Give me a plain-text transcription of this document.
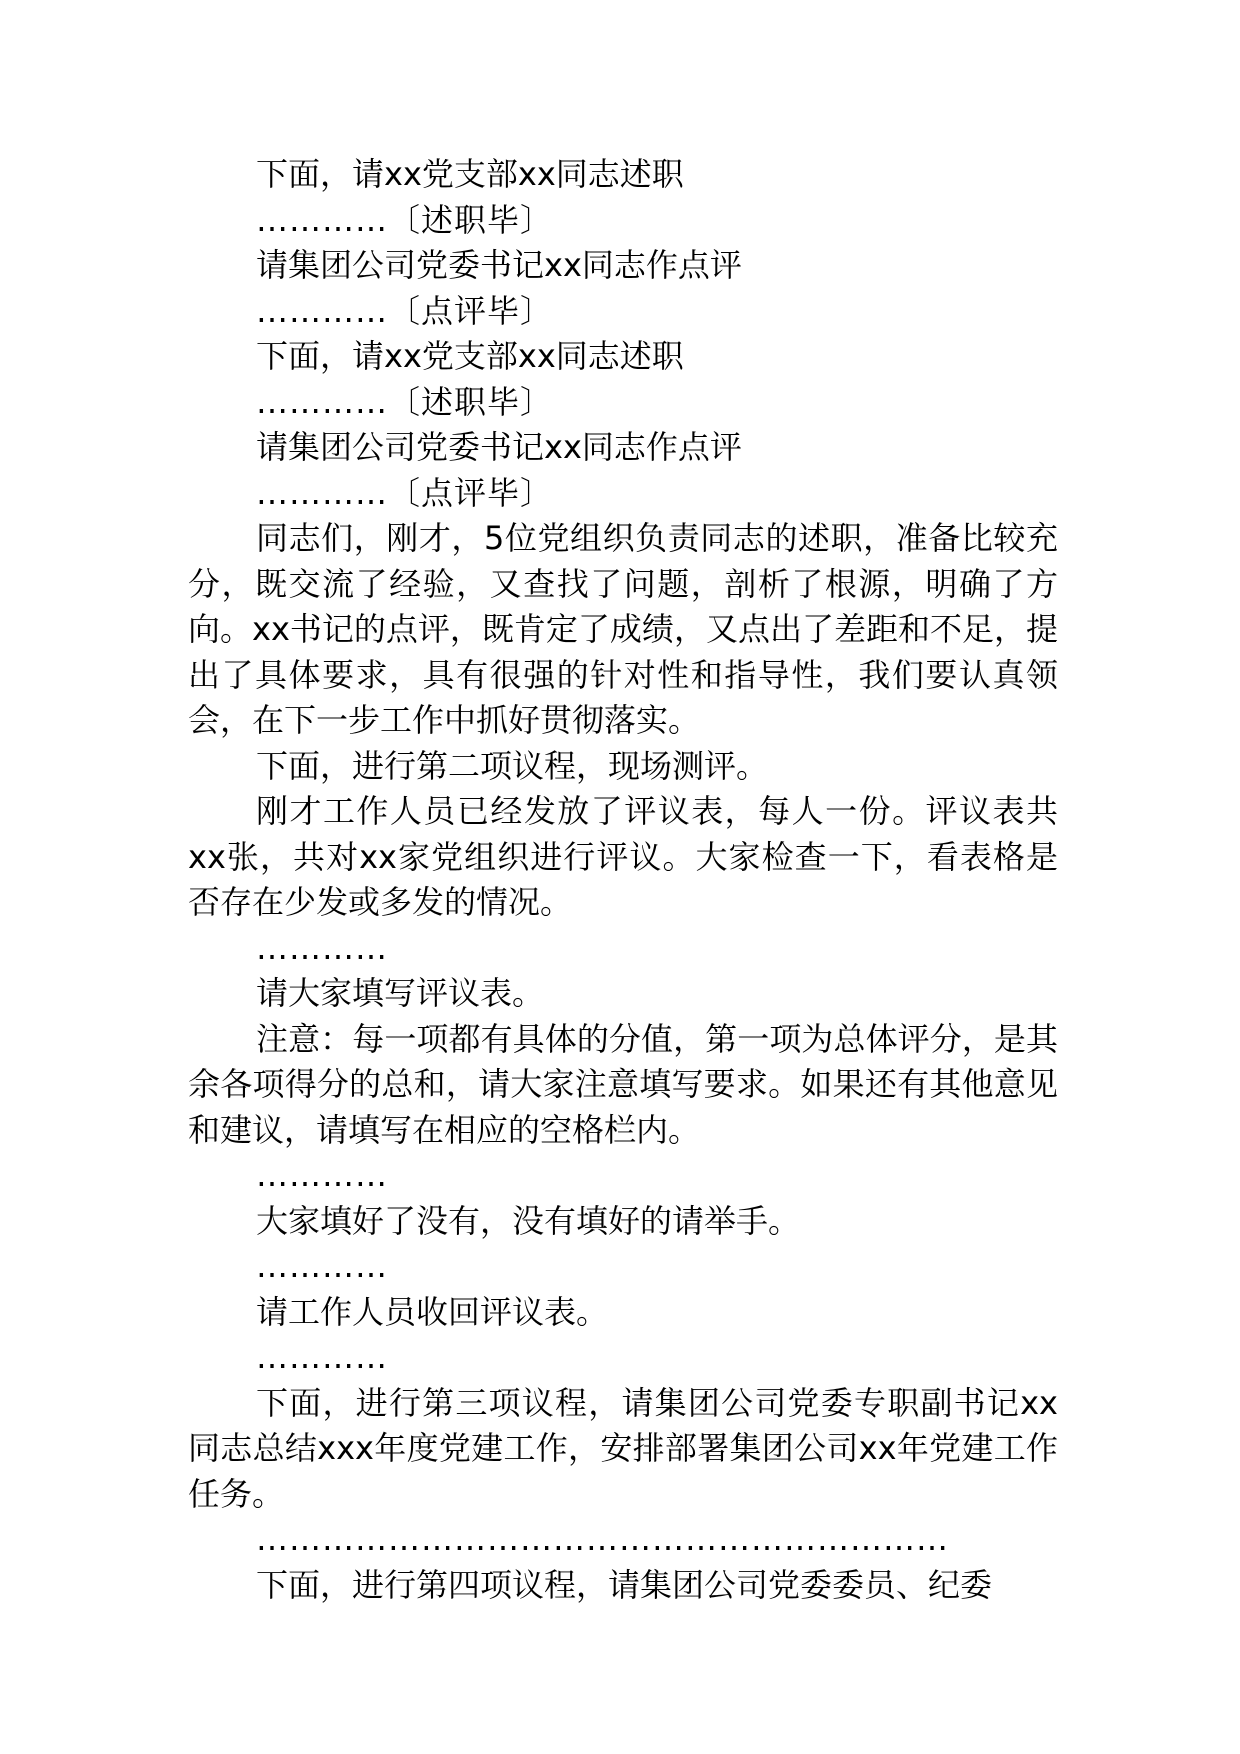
下面，请xx党支部xx同志述职

…………〔述职毕〕

请集团公司党委书记xx同志作点评

…………〔点评毕〕

下面，请xx党支部xx同志述职

…………〔述职毕〕

请集团公司党委书记xx同志作点评

…………〔点评毕〕

同志们，刚才，5位党组织负责同志的述职，准备比较充分，既交流了经验，又查找了问题，剖析了根源，明确了方向。xx书记的点评，既肯定了成绩，又点出了差距和不足，提出了具体要求，具有很强的针对性和指导性，我们要认真领会，在下一步工作中抓好贯彻落实。

下面，进行第二项议程，现场测评。

刚才工作人员已经发放了评议表，每人一份。评议表共xx张，共对xx家党组织进行评议。大家检查一下，看表格是否存在少发或多发的情况。

…………

请大家填写评议表。

注意：每一项都有具体的分值，第一项为总体评分，是其余各项得分的总和，请大家注意填写要求。如果还有其他意见和建议，请填写在相应的空格栏内。

…………

大家填好了没有，没有填好的请举手。

…………

请工作人员收回评议表。

…………

下面，进行第三项议程，请集团公司党委专职副书记xx同志总结xxx年度党建工作，安排部署集团公司xx年党建工作任务。

………………………………………………………

下面，进行第四项议程，请集团公司党委委员、纪委
